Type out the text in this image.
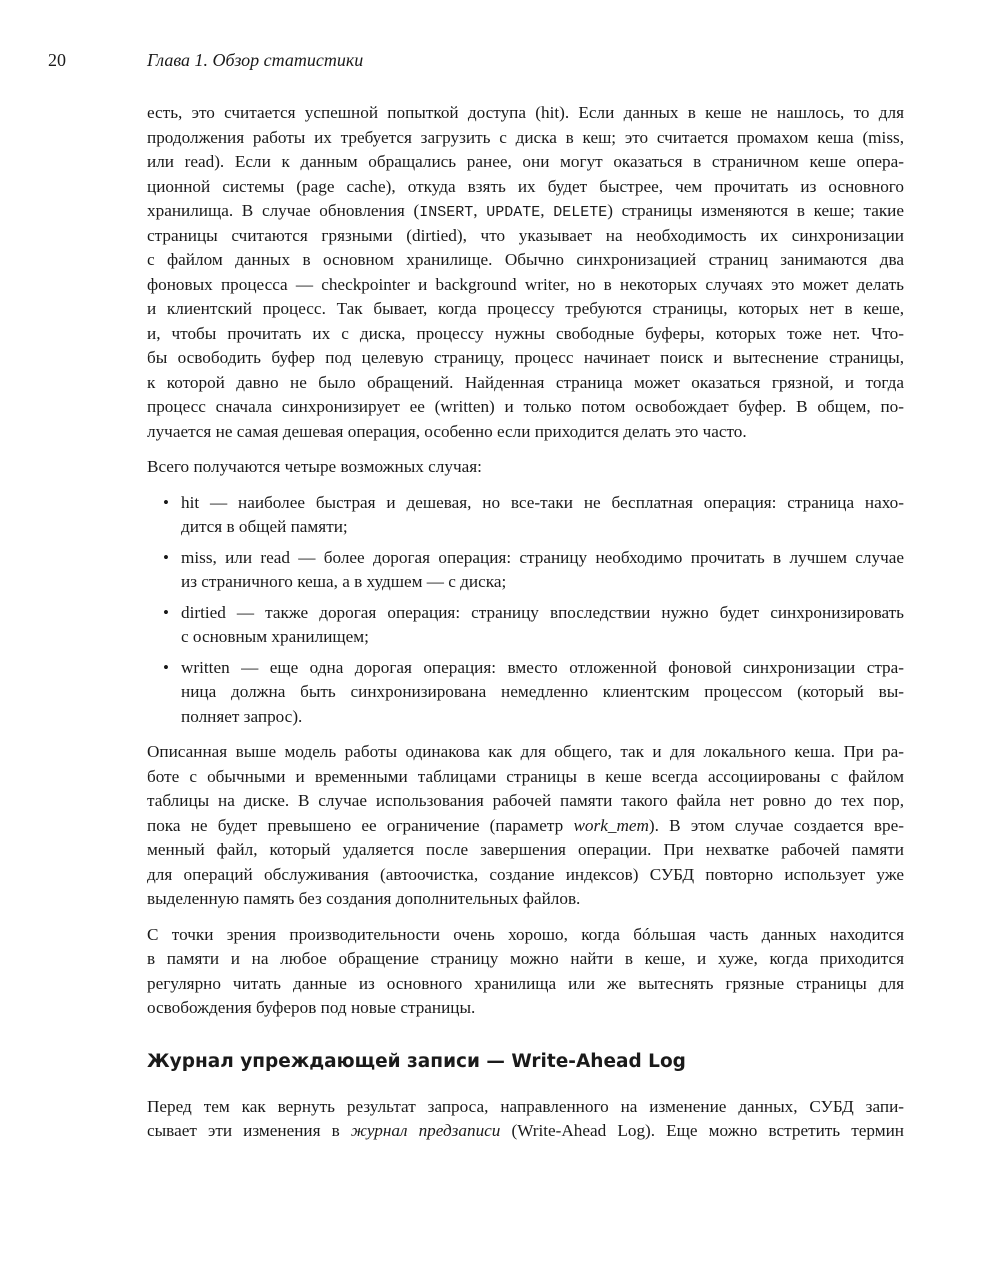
20	Глава 1. Обзор статистики
есть, это считается успешной попыткой доступа (hit). Если данных в кеше не нашлось, то для
продолжения работы их требуется загрузить с диска в кеш; это считается промахом кеша (miss,
или read). Если к данным обращались ранее, они могут оказаться в страничном кеше опера-
ционной системы (page cache), откуда взять их будет быстрее, чем прочитать из основного
хранилища. В случае обновления (INSERT, UPDATE, DELETE) страницы изменяются в кеше; такие
страницы считаются грязными (dirtied), что указывает на необходимость их синхронизации
с файлом данных в основном хранилище. Обычно синхронизацией страниц занимаются два
фоновых процесса — checkpointer и background writer, но в некоторых случаях это может делать
и клиентский процесс. Так бывает, когда процессу требуются страницы, которых нет в кеше,
и, чтобы прочитать их с диска, процессу нужны свободные буферы, которых тоже нет. Что-
бы освободить буфер под целевую страницу, процесс начинает поиск и вытеснение страницы,
к которой давно не было обращений. Найденная страница может оказаться грязной, и тогда
процесс сначала синхронизирует ее (written) и только потом освобождает буфер. В общем, по-
лучается не самая дешевая операция, особенно если приходится делать это часто.
Всего получаются четыре возможных случая:
• hit — наиболее быстрая и дешевая, но все-таки не бесплатная операция: страница нахо-
дится в общей памяти;
• miss, или read — более дорогая операция: страницу необходимо прочитать в лучшем случае
из страничного кеша, а в худшем — с диска;
• dirtied — также дорогая операция: страницу впоследствии нужно будет синхронизировать
с основным хранилищем;
• written — еще одна дорогая операция: вместо отложенной фоновой синхронизации стра-
ница должна быть синхронизирована немедленно клиентским процессом (который вы-
полняет запрос).
Описанная выше модель работы одинакова как для общего, так и для локального кеша. При ра-
боте с обычными и временными таблицами страницы в кеше всегда ассоциированы с файлом
таблицы на диске. В случае использования рабочей памяти такого файла нет ровно до тех пор,
пока не будет превышено ее ограничение (параметр work_mem). В этом случае создается вре-
менный файл, который удаляется после завершения операции. При нехватке рабочей памяти
для операций обслуживания (автоочистка, создание индексов) СУБД повторно использует уже
выделенную память без создания дополнительных файлов.
С точки зрения производительности очень хорошо, когда бóльшая часть данных находится
в памяти и на любое обращение страницу можно найти в кеше, и хуже, когда приходится
регулярно читать данные из основного хранилища или же вытеснять грязные страницы для
освобождения буферов под новые страницы.
Журнал упреждающей записи — Write-Ahead Log
Перед тем как вернуть результат запроса, направленного на изменение данных, СУБД запи-
сывает эти изменения в журнал предзаписи (Write-Ahead Log). Еще можно встретить термин
